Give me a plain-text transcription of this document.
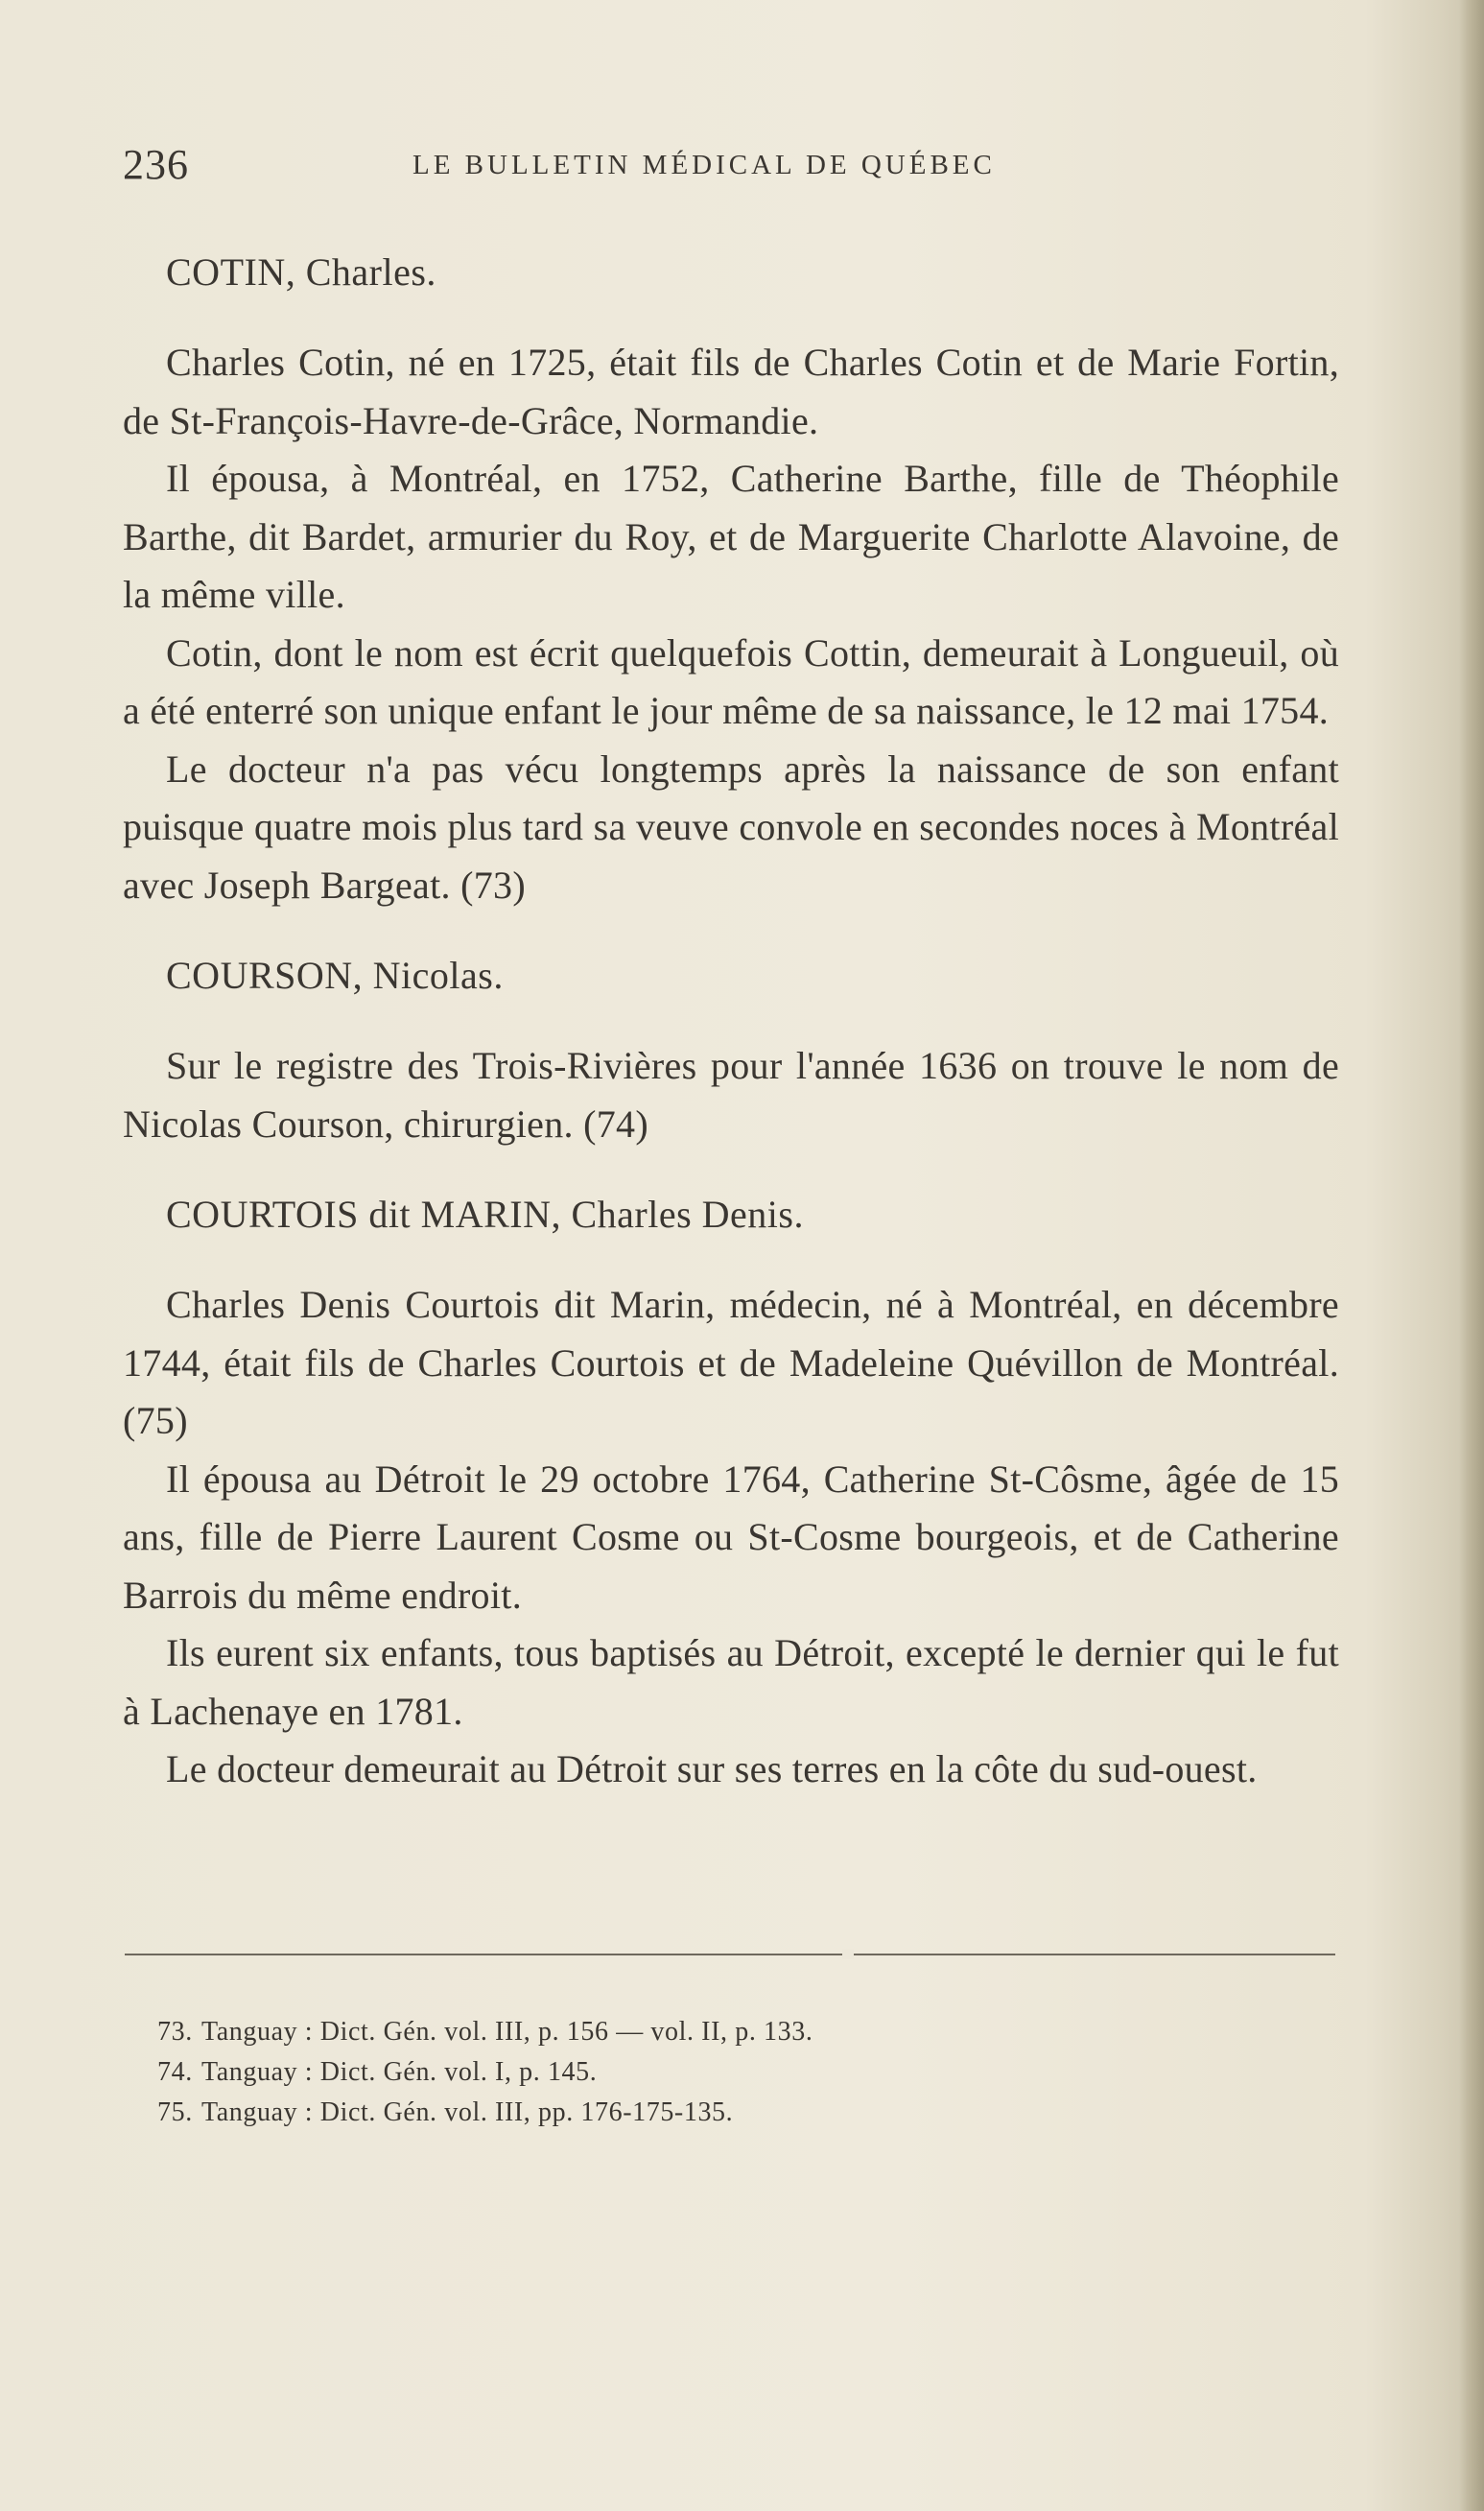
236	LE BULLETIN MÉDICAL DE QUÉBEC
COTIN, Charles.

Charles Cotin, né en 1725, était fils de Charles Cotin et de Marie Fortin, de St-François-Havre-de-Grâce, Normandie.

Il épousa, à Montréal, en 1752, Catherine Barthe, fille de Théophile Barthe, dit Bardet, armurier du Roy, et de Marguerite Charlotte Alavoine, de la même ville.

Cotin, dont le nom est écrit quelquefois Cottin, demeurait à Longueuil, où a été enterré son unique enfant le jour même de sa naissance, le 12 mai 1754.

Le docteur n'a pas vécu longtemps après la naissance de son enfant puisque quatre mois plus tard sa veuve convole en secondes noces à Montréal avec Joseph Bargeat. (73)

COURSON, Nicolas.

Sur le registre des Trois-Rivières pour l'année 1636 on trouve le nom de Nicolas Courson, chirurgien. (74)

COURTOIS dit MARIN, Charles Denis.

Charles Denis Courtois dit Marin, médecin, né à Montréal, en décembre 1744, était fils de Charles Courtois et de Madeleine Quévillon de Montréal. (75)

Il épousa au Détroit le 29 octobre 1764, Catherine St-Côsme, âgée de 15 ans, fille de Pierre Laurent Cosme ou St-Cosme bourgeois, et de Catherine Barrois du même endroit.

Ils eurent six enfants, tous baptisés au Détroit, excepté le dernier qui le fut à Lachenaye en 1781.

Le docteur demeurait au Détroit sur ses terres en la côte du sud-ouest.

73. Tanguay : Dict. Gén. vol. III, p. 156 — vol. II, p. 133.

74. Tanguay : Dict. Gén. vol. I, p. 145.

75. Tanguay : Dict. Gén. vol. III, pp. 176-175-135.
